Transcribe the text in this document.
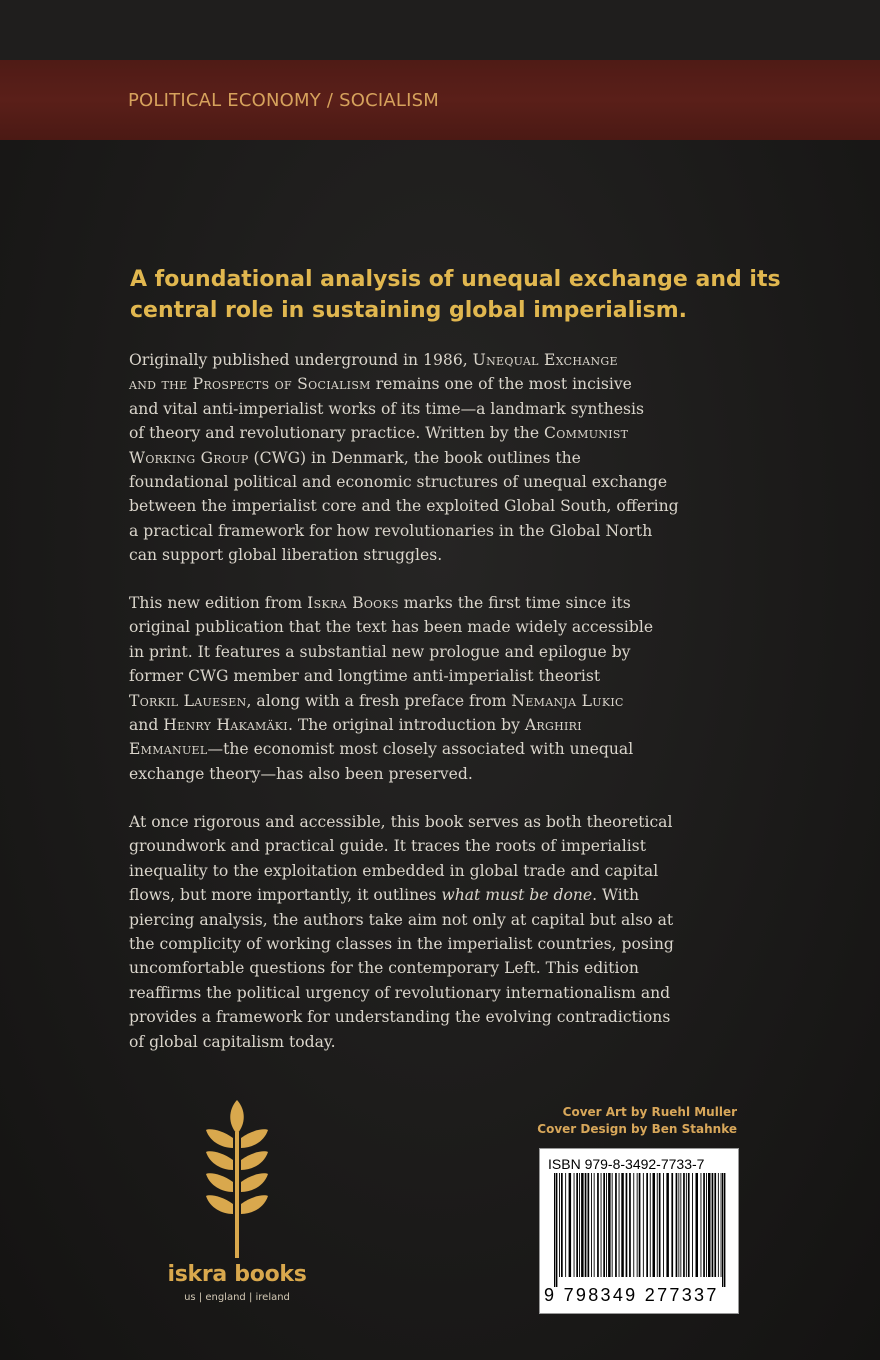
POLITICAL ECONOMY / SOCIALISM
A foundational analysis of unequal exchange and its
central role in sustaining global imperialism.
Originally published underground in 1986, Unequal Exchange
and the Prospects of Socialism remains one of the most incisive
and vital anti-imperialist works of its time—a landmark synthesis
of theory and revolutionary practice. Written by the Communist
Working Group (CWG) in Denmark, the book outlines the
foundational political and economic structures of unequal exchange
between the imperialist core and the exploited Global South, offering
a practical framework for how revolutionaries in the Global North
can support global liberation struggles.
This new edition from Iskra Books marks the first time since its
original publication that the text has been made widely accessible
in print. It features a substantial new prologue and epilogue by
former CWG member and longtime anti-imperialist theorist
Torkil Lauesen, along with a fresh preface from Nemanja Lukic
and Henry Hakamäki. The original introduction by Arghiri
Emmanuel—the economist most closely associated with unequal
exchange theory—has also been preserved.
At once rigorous and accessible, this book serves as both theoretical
groundwork and practical guide. It traces the roots of imperialist
inequality to the exploitation embedded in global trade and capital
flows, but more importantly, it outlines what must be done. With
piercing analysis, the authors take aim not only at capital but also at
the complicity of working classes in the imperialist countries, posing
uncomfortable questions for the contemporary Left. This edition
reaffirms the political urgency of revolutionary internationalism and
provides a framework for understanding the evolving contradictions
of global capitalism today.
iskra books
us | england | ireland
Cover Art by Ruehl Muller
Cover Design by Ben Stahnke
ISBN 979-8-3492-7733-7
9 798349 277337
